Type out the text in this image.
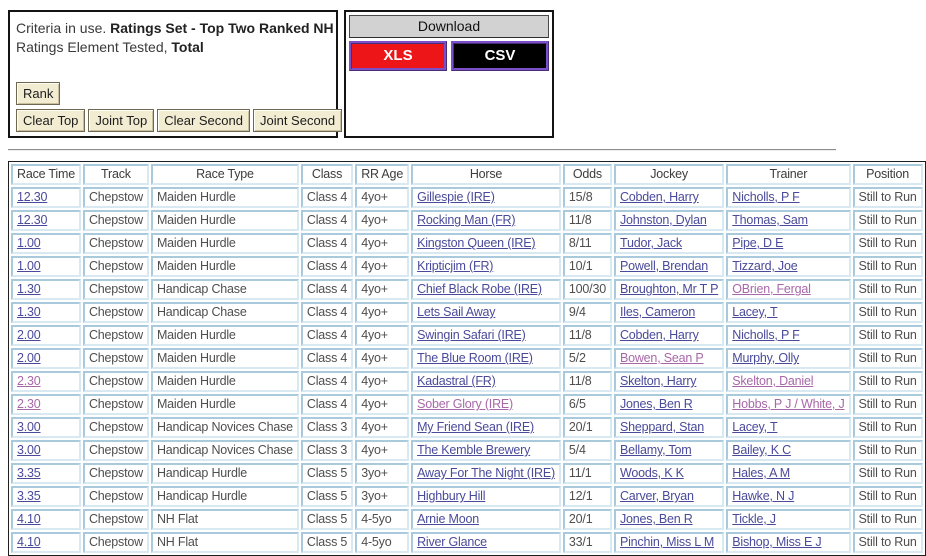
Criteria in use. Ratings Set - Top Two Ranked NH
Ratings Element Tested, Total
Rank
Clear Top	Joint Top	Clear Second	Joint Second
Download
XLS	CSV
Race Time	Track	Race Type	Class	RR Age	Horse	Odds	Jockey	Trainer	Position
12.30	Chepstow	Maiden Hurdle	Class 4	4yo+	Gillespie (IRE)	15/8	Cobden, Harry	Nicholls, P F	Still to Run
12.30	Chepstow	Maiden Hurdle	Class 4	4yo+	Rocking Man (FR)	11/8	Johnston, Dylan	Thomas, Sam	Still to Run
1.00	Chepstow	Maiden Hurdle	Class 4	4yo+	Kingston Queen (IRE)	8/11	Tudor, Jack	Pipe, D E	Still to Run
1.00	Chepstow	Maiden Hurdle	Class 4	4yo+	Kripticjim (FR)	10/1	Powell, Brendan	Tizzard, Joe	Still to Run
1.30	Chepstow	Handicap Chase	Class 4	4yo+	Chief Black Robe (IRE)	100/30	Broughton, Mr T P	OBrien, Fergal	Still to Run
1.30	Chepstow	Handicap Chase	Class 4	4yo+	Lets Sail Away	9/4	Iles, Cameron	Lacey, T	Still to Run
2.00	Chepstow	Maiden Hurdle	Class 4	4yo+	Swingin Safari (IRE)	11/8	Cobden, Harry	Nicholls, P F	Still to Run
2.00	Chepstow	Maiden Hurdle	Class 4	4yo+	The Blue Room (IRE)	5/2	Bowen, Sean P	Murphy, Olly	Still to Run
2.30	Chepstow	Maiden Hurdle	Class 4	4yo+	Kadastral (FR)	11/8	Skelton, Harry	Skelton, Daniel	Still to Run
2.30	Chepstow	Maiden Hurdle	Class 4	4yo+	Sober Glory (IRE)	6/5	Jones, Ben R	Hobbs, P J / White, J	Still to Run
3.00	Chepstow	Handicap Novices Chase	Class 3	4yo+	My Friend Sean (IRE)	20/1	Sheppard, Stan	Lacey, T	Still to Run
3.00	Chepstow	Handicap Novices Chase	Class 3	4yo+	The Kemble Brewery	5/4	Bellamy, Tom	Bailey, K C	Still to Run
3.35	Chepstow	Handicap Hurdle	Class 5	3yo+	Away For The Night (IRE)	11/1	Woods, K K	Hales, A M	Still to Run
3.35	Chepstow	Handicap Hurdle	Class 5	3yo+	Highbury Hill	12/1	Carver, Bryan	Hawke, N J	Still to Run
4.10	Chepstow	NH Flat	Class 5	4-5yo	Arnie Moon	20/1	Jones, Ben R	Tickle, J	Still to Run
4.10	Chepstow	NH Flat	Class 5	4-5yo	River Glance	33/1	Pinchin, Miss L M	Bishop, Miss E J	Still to Run
